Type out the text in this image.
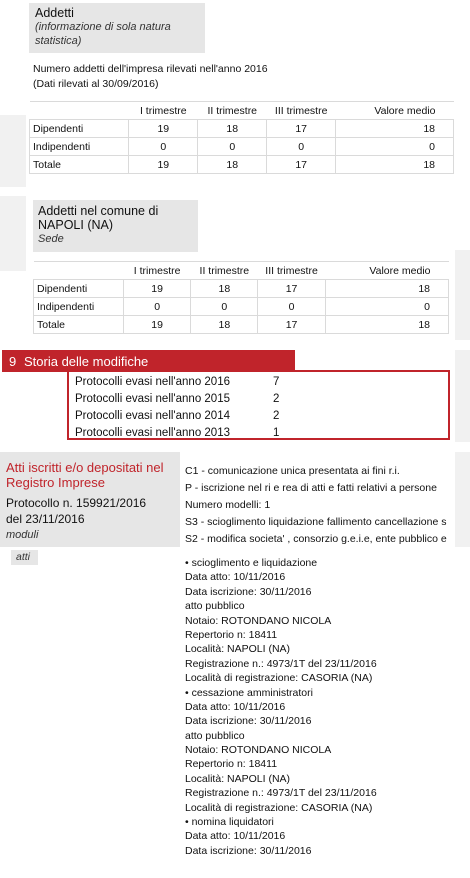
Addetti
(informazione di sola natura statistica)
Numero addetti dell'impresa rilevati nell'anno 2016
(Dati rilevati al 30/09/2016)
	I trimestre	II trimestre	III trimestre	Valore medio
Dipendenti	19	18	17	18
Indipendenti	0	0	0	0
Totale	19	18	17	18
Addetti nel comune di NAPOLI (NA)
Sede
	I trimestre	II trimestre	III trimestre	Valore medio
Dipendenti	19	18	17	18
Indipendenti	0	0	0	0
Totale	19	18	17	18
9 Storia delle modifiche
Protocolli evasi nell'anno 2016	7
Protocolli evasi nell'anno 2015	2
Protocolli evasi nell'anno 2014	2
Protocolli evasi nell'anno 2013	1
Atti iscritti e/o depositati nel Registro Imprese
Protocollo n. 159921/2016
del 23/11/2016
moduli
atti
C1 - comunicazione unica presentata ai fini r.i.
P - iscrizione nel ri e rea di atti e fatti relativi a persone
Numero modelli: 1
S3 - scioglimento liquidazione fallimento cancellazione s
S2 - modifica societa' , consorzio g.e.i.e, ente pubblico e
• scioglimento e liquidazione
Data atto: 10/11/2016
Data iscrizione: 30/11/2016
atto pubblico
Notaio: ROTONDANO NICOLA
Repertorio n: 18411
Località: NAPOLI (NA)
Registrazione n.: 4973/1T del 23/11/2016
Località di registrazione: CASORIA (NA)
• cessazione amministratori
Data atto: 10/11/2016
Data iscrizione: 30/11/2016
atto pubblico
Notaio: ROTONDANO NICOLA
Repertorio n: 18411
Località: NAPOLI (NA)
Registrazione n.: 4973/1T del 23/11/2016
Località di registrazione: CASORIA (NA)
• nomina liquidatori
Data atto: 10/11/2016
Data iscrizione: 30/11/2016
